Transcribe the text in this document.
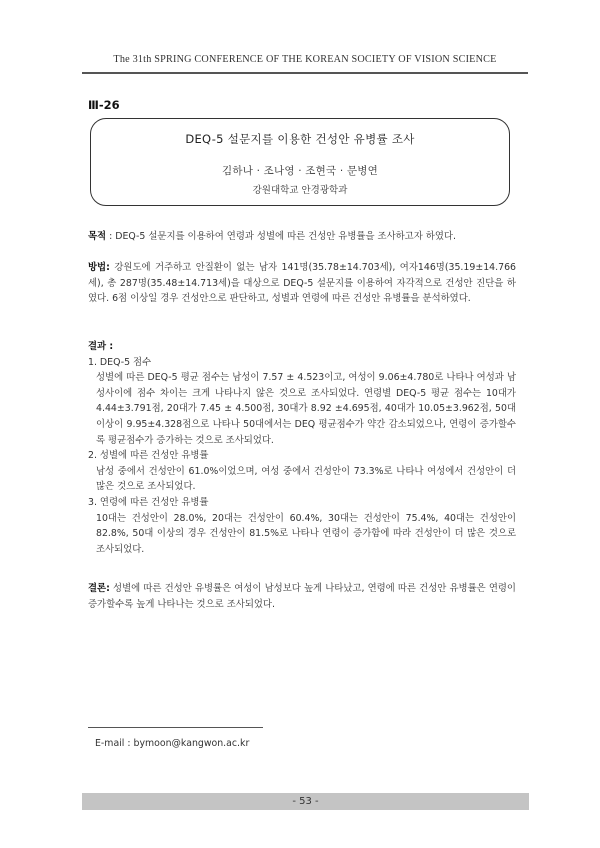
The 31th SPRING CONFERENCE OF THE KOREAN SOCIETY OF VISION SCIENCE
Ⅲ-26
DEQ-5 설문지를 이용한 건성안 유병률 조사
김하나 · 조나영 · 조현국 · 문병연
강원대학교 안경광학과
목적 : DEQ-5 설문지를 이용하여 연령과 성별에 따른 건성안 유병률을 조사하고자 하였다.
방법: 강원도에 거주하고 안질환이 없는 남자 141명(35.78±14.703세), 여자146명(35.19±14.766세), 총 287명(35.48±14.713세)을 대상으로 DEQ-5 설문지를 이용하여 자각적으로 건성안 진단을 하였다. 6점 이상일 경우 건성안으로 판단하고, 성별과 연령에 따른 건성안 유병률을 분석하였다.
결과 :
1. DEQ-5 점수
성별에 따른 DEQ-5 평균 점수는 남성이 7.57 ± 4.523이고, 여성이 9.06±4.780로 나타나 여성과 남성사이에 점수 차이는 크게 나타나지 않은 것으로 조사되었다. 연령별 DEQ-5 평균 점수는 10대가 4.44±3.791점, 20대가 7.45 ± 4.500점, 30대가 8.92 ±4.695점, 40대가 10.05±3.962점, 50대이상이 9.95±4.328점으로 나타나 50대에서는 DEQ 평균점수가 약간 감소되었으나, 연령이 증가할수록 평균점수가 증가하는 것으로 조사되었다.
2. 성별에 따른 건성안 유병률
남성 중에서 건성안이 61.0%이었으며, 여성 중에서 건성안이 73.3%로 나타나 여성에서 건성안이 더 많은 것으로 조사되었다.
3. 연령에 따른 건성안 유병률
10대는 건성안이 28.0%, 20대는 건성안이 60.4%, 30대는 건성안이 75.4%, 40대는 건성안이 82.8%, 50대 이상의 경우 건성안이 81.5%로 나타나 연령이 증가함에 따라 건성안이 더 많은 것으로 조사되었다.
결론: 성별에 따른 건성안 유병률은 여성이 남성보다 높게 나타났고, 연령에 따른 건성안 유병률은 연령이 증가할수록 높게 나타나는 것으로 조사되었다.
E-mail : bymoon@kangwon.ac.kr
- 53 -
